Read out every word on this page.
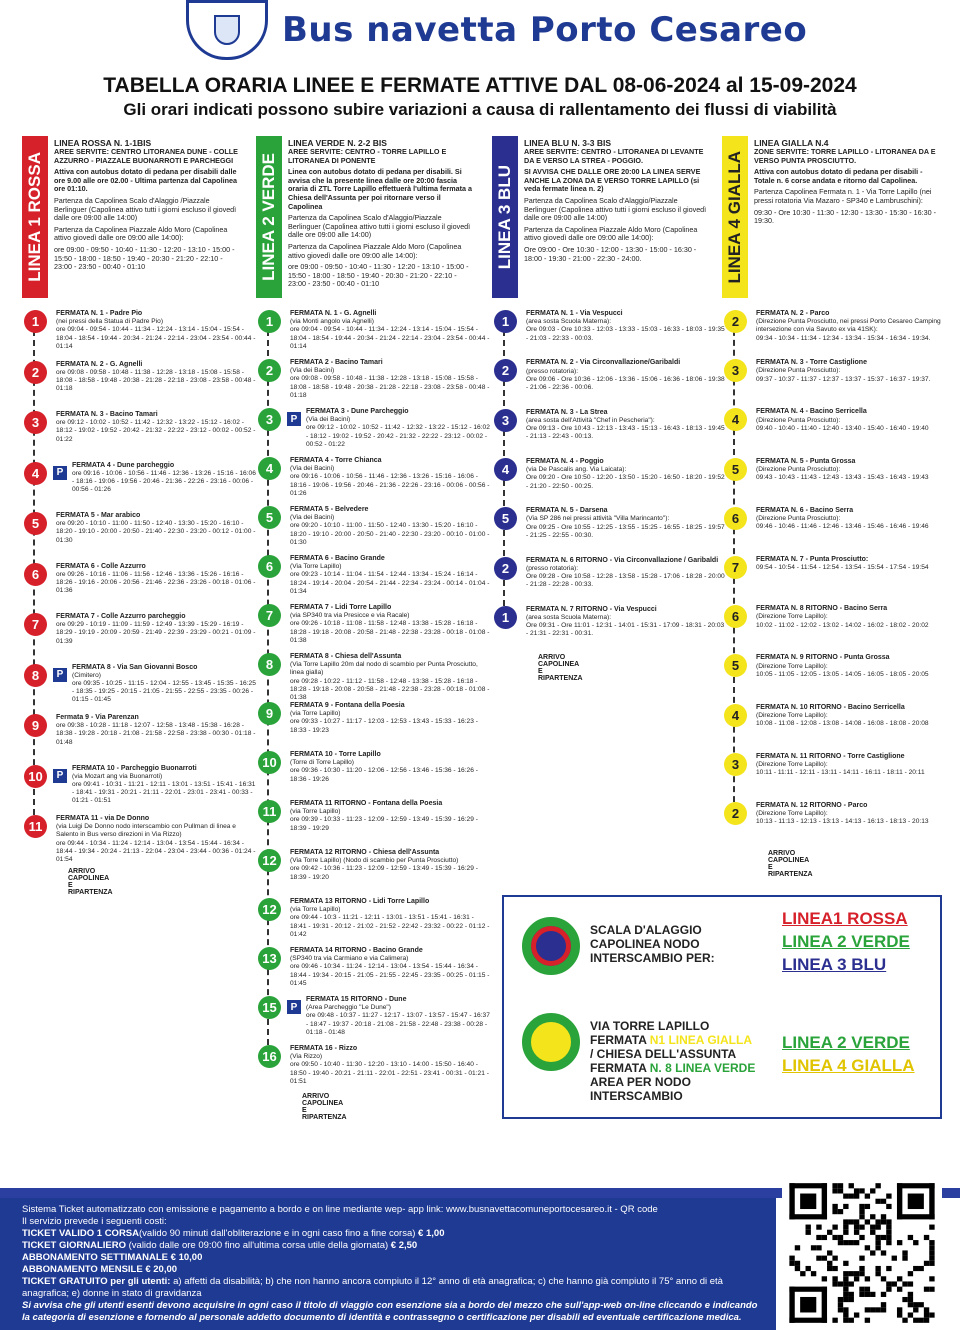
Bus navetta Porto Cesareo
TABELLA ORARIA LINEE E FERMATE ATTIVE DAL 08-06-2024 al 15-09-2024
Gli orari indicati possono subire variazioni a causa di rallentamento dei flussi di viabilità
LINEA 1 ROSSA
LINEA ROSSA N. 1-1BIS

AREE SERVITE: CENTRO LITORANEA DUNE - COLLE AZZURRO - PIAZZALE BUONARROTI E PARCHEGGI

Attiva con autobus dotato di pedana per disabili dalle ore 9.00 alle ore 02.00 - Ultima partenza dal Capolinea ore 01:10.

Partenza da Capolinea Scalo d'Alaggio /Piazzale Berlinguer (Capolinea attivo tutti i giorni escluso il giovedì dalle ore 09:00 alle 14:00)

Partenza da Capolinea Piazzale Aldo Moro (Capolinea attivo giovedì dalle ore 09:00 alle 14:00):

ore 09:00 - 09:50 - 10:40 - 11:30 - 12:20 - 13:10 - 15:00 - 15:50 - 18:00 - 18:50 - 19:40 - 20:30 - 21:20 - 22:10 - 23:00 - 23:50 - 00:40 - 01:10

1
FERMATA N. 1 - Padre Pio
(nei pressi della Statua di Padre Pio)
ore 09:04 - 09:54 - 10:44 - 11:34 - 12:24 - 13:14 - 15:04 - 15:54 - 18:04 - 18:54 - 19:44 - 20:34 - 21:24 - 22:14 - 23:04 - 23:54 - 00:44 - 01:14
2
FERMATA N. 2 - G. Agnelli
ore 09:08 - 09:58 - 10:48 - 11:38 - 12:28 - 13:18 - 15:08 - 15:58 - 18:08 - 18:58 - 19:48 - 20:38 - 21:28 - 22:18 - 23:08 - 23:58 - 00:48 - 01:18
3
FERMATA N. 3 - Bacino Tamari
ore 09:12 - 10:02 - 10:52 - 11:42 - 12:32 - 13:22 - 15:12 - 16:02 - 18:12 - 19:02 - 19:52 - 20:42 - 21:32 - 22:22 - 23:12 - 00:02 - 00:52 - 01:22
4	P
FERMATA 4 - Dune parcheggio
ore 09:16 - 10:06 - 10:56 - 11:46 - 12:36 - 13:26 - 15:16 - 16:06 - 18:16 - 19:06 - 19:56 - 20:46 - 21:36 - 22:26 - 23:16 - 00:06 - 00:56 - 01:26
5
FERMATA 5 - Mar arabico
ore 09:20 - 10:10 - 11:00 - 11:50 - 12:40 - 13:30 - 15:20 - 16:10 - 18:20 - 19:10 - 20:00 - 20:50 - 21:40 - 22:30 - 23:20 - 00:12 - 01:00 - 01:30
6
FERMATA 6 - Colle Azzurro
ore 09:26 - 10:16 - 11:06 - 11:56 - 12:46 - 13:36 - 15:26 - 16:16 - 18:26 - 19:16 - 20:06 - 20:56 - 21:46 - 22:36 - 23:26 - 00:18 - 01:06 - 01:36
7
FERMATA 7 - Colle Azzurro parcheggio
ore 09:29 - 10:19 - 11:09 - 11:59 - 12:49 - 13:39 - 15:29 - 16:19 - 18:29 - 19:19 - 20:09 - 20:59 - 21:49 - 22:39 - 23:29 - 00:21 - 01:09 - 01:39
8	P
FERMATA 8 - Via San Giovanni Bosco
(Cimitero)
ore 09:35 - 10:25 - 11:15 - 12:04 - 12:55 - 13:45 - 15:35 - 16:25 - 18:35 - 19:25 - 20:15 - 21:05 - 21:55 - 22:55 - 23:35 - 00:26 - 01:15 - 01:45
9
Fermata 9 - Via Parenzan
ore 09:38 - 10:28 - 11:18 - 12:07 - 12:58 - 13:48 - 15:38 - 16:28 - 18:38 - 19:28 - 20:18 - 21:08 - 21:58 - 22:58 - 23:38 - 00:30 - 01:18 - 01:48
10	P
FERMATA 10 - Parcheggio Buonarroti
(via Mozart ang via Buonarroti)
ore 09:41 - 10:31 - 11:21 - 12:11 - 13:01 - 13:51 - 15:41 - 16:31 - 18:41 - 19:31 - 20:21 - 21:11 - 22:01 - 23:01 - 23:41 - 00:33 - 01:21 - 01:51
11
FERMATA 11 - via De Donno
(via Luigi De Donno nodo interscambio con Pullman di linea e Salento in Bus verso direzioni in Via Rizzo)
ore 09:44 - 10:34 - 11:24 - 12:14 - 13:04 - 13:54 - 15:44 - 16:34 - 18:44 - 19:34 - 20:24 - 21:13 - 22:04 - 23:04 - 23:44 - 00:36 - 01:24 - 01:54
ARRIVO CAPOLINEA E RIPARTENZA
LINEA 2 VERDE
LINEA VERDE N. 2-2 BIS

AREE SERVITE: CENTRO - TORRE LAPILLO E LITORANEA DI PONENTE

Linea con autobus dotato di pedana per disabili. Si avvisa che la presente linea dalle ore 20:00 fascia oraria di ZTL Torre Lapillo effettuerà l'ultima fermata a Chiesa dell'Assunta per poi ritornare verso il Capolinea

Partenza da Capolinea Scalo d'Alaggio/Piazzale Berlinguer (Capolinea attivo tutti i giorni escluso il giovedì dalle ore 09:00 alle 14:00)

Partenza da Capolinea Piazzale Aldo Moro (Capolinea attivo giovedì dalle ore 09:00 alle 14:00):

ore 09:00 - 09:50 - 10:40 - 11:30 - 12:20 - 13:10 - 15:00 - 15:50 - 18:00 - 18:50 - 19:40 - 20:30 - 21:20 - 22:10 - 23:00 - 23:50 - 00:40 - 01:10

1
FERMATA N. 1 - G. Agnelli
(via Monti angolo via Agnelli)
ore 09:04 - 09:54 - 10:44 - 11:34 - 12:24 - 13:14 - 15:04 - 15:54 - 18:04 - 18:54 - 19:44 - 20:34 - 21:24 - 22:14 - 23:04 - 23:54 - 00:44 - 01:14
2
FERMATA 2 - Bacino Tamari
(Via dei Bacini)
ore 09:08 - 09:58 - 10:48 - 11:38 - 12:28 - 13:18 - 15:08 - 15:58 - 18:08 - 18:58 - 19:48 - 20:38 - 21:28 - 22:18 - 23:08 - 23:58 - 00:48 - 01:18
3	P
FERMATA 3 - Dune Parcheggio
(Via dei Bacini)
ore 09:12 - 10:02 - 10:52 - 11:42 - 12:32 - 13:22 - 15:12 - 16:02 - 18:12 - 19:02 - 19:52 - 20:42 - 21:32 - 22:22 - 23:12 - 00:02 - 00:52 - 01:22
4
FERMATA 4 - Torre Chianca
(Via dei Bacini)
ore 09:16 - 10:06 - 10:56 - 11:46 - 12:36 - 13:26 - 15:16 - 16:06 - 18:16 - 19:06 - 19:56 - 20:46 - 21:36 - 22:26 - 23:16 - 00:06 - 00:56 - 01:26
5
FERMATA 5 - Belvedere
(Via dei Bacini)
ore 09:20 - 10:10 - 11:00 - 11:50 - 12:40 - 13:30 - 15:20 - 16:10 - 18:20 - 19:10 - 20:00 - 20:50 - 21:40 - 22:30 - 23:20 - 00:10 - 01:00 - 01:30
6
FERMATA 6 - Bacino Grande
(Via Torre Lapillo)
ore 09:23 - 10:14 - 11:04 - 11:54 - 12:44 - 13:34 - 15:24 - 16:14 - 18:24 - 19:14 - 20:04 - 20:54 - 21:44 - 22:34 - 23:24 - 00:14 - 01:04 - 01:34
7
FERMATA 7 - Lidi Torre Lapillo
(via SP340 tra via Presicce e via Racale)
ore 09:26 - 10:18 - 11:08 - 11:58 - 12:48 - 13:38 - 15:28 - 16:18 - 18:28 - 19:18 - 20:08 - 20:58 - 21:48 - 22:38 - 23:28 - 00:18 - 01:08 - 01:38
8
FERMATA 8 - Chiesa dell'Assunta
(Via Torre Lapillo 20m dal nodo di scambio per Punta Prosciutto, linea gialla)
ore 09:28 - 10:22 - 11:12 - 11:58 - 12:48 - 13:38 - 15:28 - 16:18 - 18:28 - 19:18 - 20:08 - 20:58 - 21:48 - 22:38 - 23:28 - 00:18 - 01:08 - 01:38
9
FERMATA 9 - Fontana della Poesia
(via Torre Lapillo)
ore 09:33 - 10:27 - 11:17 - 12:03 - 12:53 - 13:43 - 15:33 - 16:23 - 18:33 - 19:23
10
FERMATA 10 - Torre Lapillo
(Torre di Torre Lapillo)
ore 09:36 - 10:30 - 11:20 - 12:06 - 12:56 - 13:46 - 15:36 - 16:26 - 18:36 - 19:26
11
FERMATA 11 RITORNO - Fontana della Poesia
(via Torre Lapillo)
ore 09:39 - 10:33 - 11:23 - 12:09 - 12:59 - 13:49 - 15:39 - 16:29 - 18:39 - 19:29
12
FERMATA 12 RITORNO - Chiesa dell'Assunta
(Via Torre Lapillo) (Nodo di scambio per Punta Prosciutto)
ore 09:42 - 10:36 - 11:23 - 12:09 - 12:59 - 13:49 - 15:39 - 16:29 - 18:39 - 19:20
12
FERMATA 13 RITORNO - Lidi Torre Lapillo
(via Torre Lapillo)
ore 09:44 - 10:3 - 11:21 - 12:11 - 13:01 - 13:51 - 15:41 - 16:31 - 18:41 - 19:31 - 20:12 - 21:02 - 21:52 - 22:42 - 23:32 - 00:22 - 01:12 - 01:42
13
FERMATA 14 RITORNO - Bacino Grande
(SP340 tra via Carmiano e via Calimera)
ore 09:46 - 10:34 - 11:24 - 12:14 - 13:04 - 13:54 - 15:44 - 16:34 - 18:44 - 19:34 - 20:15 - 21:05 - 21:55 - 22:45 - 23:35 - 00:25 - 01:15 - 01:45
15	P
FERMATA 15 RITORNO - Dune
(Area Parcheggio "Le Dune")
ore 09:48 - 10:37 - 11:27 - 12:17 - 13:07 - 13:57 - 15:47 - 16:37 - 18:47 - 19:37 - 20:18 - 21:08 - 21:58 - 22:48 - 23:38 - 00:28 - 01:18 - 01:48
16
FERMATA 16 - Rizzo
(Via Rizzo)
ore 09:50 - 10:40 - 11:30 - 12:20 - 13:10 - 14:00 - 15:50 - 16:40 - 18:50 - 19:40 - 20:21 - 21:11 - 22:01 - 22:51 - 23:41 - 00:31 - 01:21 - 01:51
ARRIVO CAPOLINEA E RIPARTENZA
LINEA 3 BLU
LINEA BLU N. 3-3 BIS

AREE SERVITE: CENTRO - LITORANEA DI LEVANTE DA E VERSO LA STREA - POGGIO.

SI AVVISA CHE DALLE ORE 20:00 LA LINEA SERVE ANCHE LA ZONA DA E VERSO TORRE LAPILLO (si veda fermate linea n. 2)

Partenza da Capolinea Scalo d'Alaggio/Piazzale Berlinguer (Capolinea attivo tutti i giorni escluso il giovedì dalle ore 09:00 alle 14:00)

Partenza da Capolinea Piazzale Aldo Moro (Capolinea attivo giovedì dalle ore 09:00 alle 14:00):

Ore 09:00 - Ore 10:30 - 12:00 - 13:30 - 15:00 - 16:30 - 18:00 - 19:30 - 21:00 - 22:30 - 24:00.

1
FERMATA N. 1 - Via Vespucci
(area sosta Scuola Materna):
Ore 09:03 - Ore 10:33 - 12:03 - 13:33 - 15:03 - 16:33 - 18:03 - 19:35 - 21:03 - 22:33 - 00:03.
2
FERMATA N. 2 - Via Circonvallazione/Garibaldi
(presso rotatoria):
Ore 09:06 - Ore 10:36 - 12:06 - 13:36 - 15:06 - 16:36 - 18:06 - 19:38 - 21:06 - 22:36 - 00:06.
3
FERMATA N. 3 - La Strea
(area sosta dell'Attività "Chef in Pescheria"):
Ore 09:13 - Ore 10:43 - 12:13 - 13:43 - 15:13 - 16:43 - 18:13 - 19:45 - 21:13 - 22:43 - 00:13.
4
FERMATA N. 4 - Poggio
(via De Pascalis ang. Via Laicata):
Ore 09:20 - Ore 10:50 - 12:20 - 13:50 - 15:20 - 16:50 - 18:20 - 19:52 - 21:20 - 22:50 - 00:25.
5
FERMATA N. 5 - Darsena
(Via SP 286 nei pressi attività "Villa Marincanto"):
Ore 09:25 - Ore 10:55 - 12:25 - 13:55 - 15:25 - 16:55 - 18:25 - 19:57 - 21:25 - 22:55 - 00:30.
2
FERMATA N. 6 RITORNO - Via Circonvallazione / Garibaldi
(presso rotatoria):
Ore 09:28 - Ore 10:58 - 12:28 - 13:58 - 15:28 - 17:06 - 18:28 - 20:00 - 21:28 - 22:28 - 00:33.
1
FERMATA N. 7 RITORNO - Via Vespucci
(area sosta Scuola Materna):
Ore 09:31 - Ore 11:01 - 12:31 - 14:01 - 15:31 - 17:09 - 18:31 - 20:03 - 21:31 - 22:31 - 00:31.
ARRIVO CAPOLINEA E RIPARTENZA
LINEA 4 GIALLA
LINEA GIALLA N.4

ZONE SERVITE: TORRE LAPILLO - LITORANEA DA E VERSO PUNTA PROSCIUTTO.

Attiva con autobus dotato di pedana per disabili - Totale n. 6 corse andata e ritorno dal Capolinea.

Partenza Capolinea Fermata n. 1 - Via Torre Lapillo (nei pressi rotatoria Via Mazaro - SP340 e Lambruschini):

09:30 - Ore 10:30 - 11:30 - 12:30 - 13:30 - 15:30 - 16:30 - 19:30.

2
FERMATA N. 2 - Parco
(Direzione Punta Prosciutto, nei pressi Porto Cesareo Camping intersezione con via Savuto ex via 41SK):
09:34 - 10:34 - 11:34 - 12:34 - 13:34 - 15:34 - 16:34 - 19:34.
3
FERMATA N. 3 - Torre Castiglione
(Direzione Punta Prosciutto):
09:37 - 10:37 - 11:37 - 12:37 - 13:37 - 15:37 - 16:37 - 19:37.
4
FERMATA N. 4 - Bacino Serricella
(Direzione Punta Prosciutto):
09:40 - 10:40 - 11:40 - 12:40 - 13:40 - 15:40 - 16:40 - 19:40
5
FERMATA N. 5 - Punta Grossa
(Direzione Punta Prosciutto):
09:43 - 10:43 - 11:43 - 12:43 - 13:43 - 15:43 - 16:43 - 19:43
6
FERMATA N. 6 - Bacino Serra
(Direzione Punta Prosciutto):
09:46 - 10:46 - 11:46 - 12:46 - 13:46 - 15:46 - 16:46 - 19:46
7
FERMATA N. 7 - Punta Prosciutto:
09:54 - 10:54 - 11:54 - 12:54 - 13:54 - 15:54 - 17:54 - 19:54
6
FERMATA N. 8 RITORNO - Bacino Serra
(Direzione Torre Lapillo):
10:02 - 11:02 - 12:02 - 13:02 - 14:02 - 16:02 - 18:02 - 20:02
5
FERMATA N. 9 RITORNO - Punta Grossa
(Direzione Torre Lapillo):
10:05 - 11:05 - 12:05 - 13:05 - 14:05 - 16:05 - 18:05 - 20:05
4
FERMATA N. 10 RITORNO - Bacino Serricella
(Direzione Torre Lapillo):
10:08 - 11:08 - 12:08 - 13:08 - 14:08 - 16:08 - 18:08 - 20:08
3
FERMATA N. 11 RITORNO - Torre Castiglione
(Direzione Torre Lapillo):
10:11 - 11:11 - 12:11 - 13:11 - 14:11 - 16:11 - 18:11 - 20:11
2
FERMATA N. 12 RITORNO - Parco
(Direzione Torre Lapillo):
10:13 - 11:13 - 12:13 - 13:13 - 14:13 - 16:13 - 18:13 - 20:13
ARRIVO CAPOLINEA E RIPARTENZA
SCALA D'ALAGGIO
CAPOLINEA NODO
INTERSCAMBIO PER:
LINEA1 ROSSA
LINEA 2 VERDE
LINEA 3 BLU
VIA TORRE LAPILLO
FERMATA N1 LINEA GIALLA
/ CHIESA DELL'ASSUNTA
FERMATA N. 8 LINEA VERDE
AREA PER NODO
INTERSCAMBIO
LINEA 2 VERDE
LINEA 4 GIALLA
Sistema Ticket automatizzato con emissione e pagamento a bordo e on line mediante wep- app link: www.busnavettacomuneportocesareo.it - QR code
Il servizio prevede i seguenti costi:
TICKET VALIDO 1 CORSA(valido 90 minuti dall'obliterazione e in ogni caso fino a fine corsa) € 1,00
TICKET GIORNALIERO (valido dalle ore 09:00 fino all'ultima corsa utile della giornata) € 2,50
ABBONAMENTO SETTIMANALE € 10,00
ABBONAMENTO MENSILE € 20,00
TICKET GRATUITO per gli utenti: a) affetti da disabilità; b) che non hanno ancora compiuto il 12° anno di età anagrafica; c) che hanno già compiuto il 75° anno di età anagrafica; e) donne in stato di gravidanza
Si avvisa che gli utenti esenti devono acquisire in ogni caso il titolo di viaggio con esenzione sia a bordo del mezzo che sull'app-web on-line cliccando e indicando la categoria di esenzione e fornendo al personale addetto documento di identità e contrassegno o certificazione per disabili ed eventuale certificazione medica.
